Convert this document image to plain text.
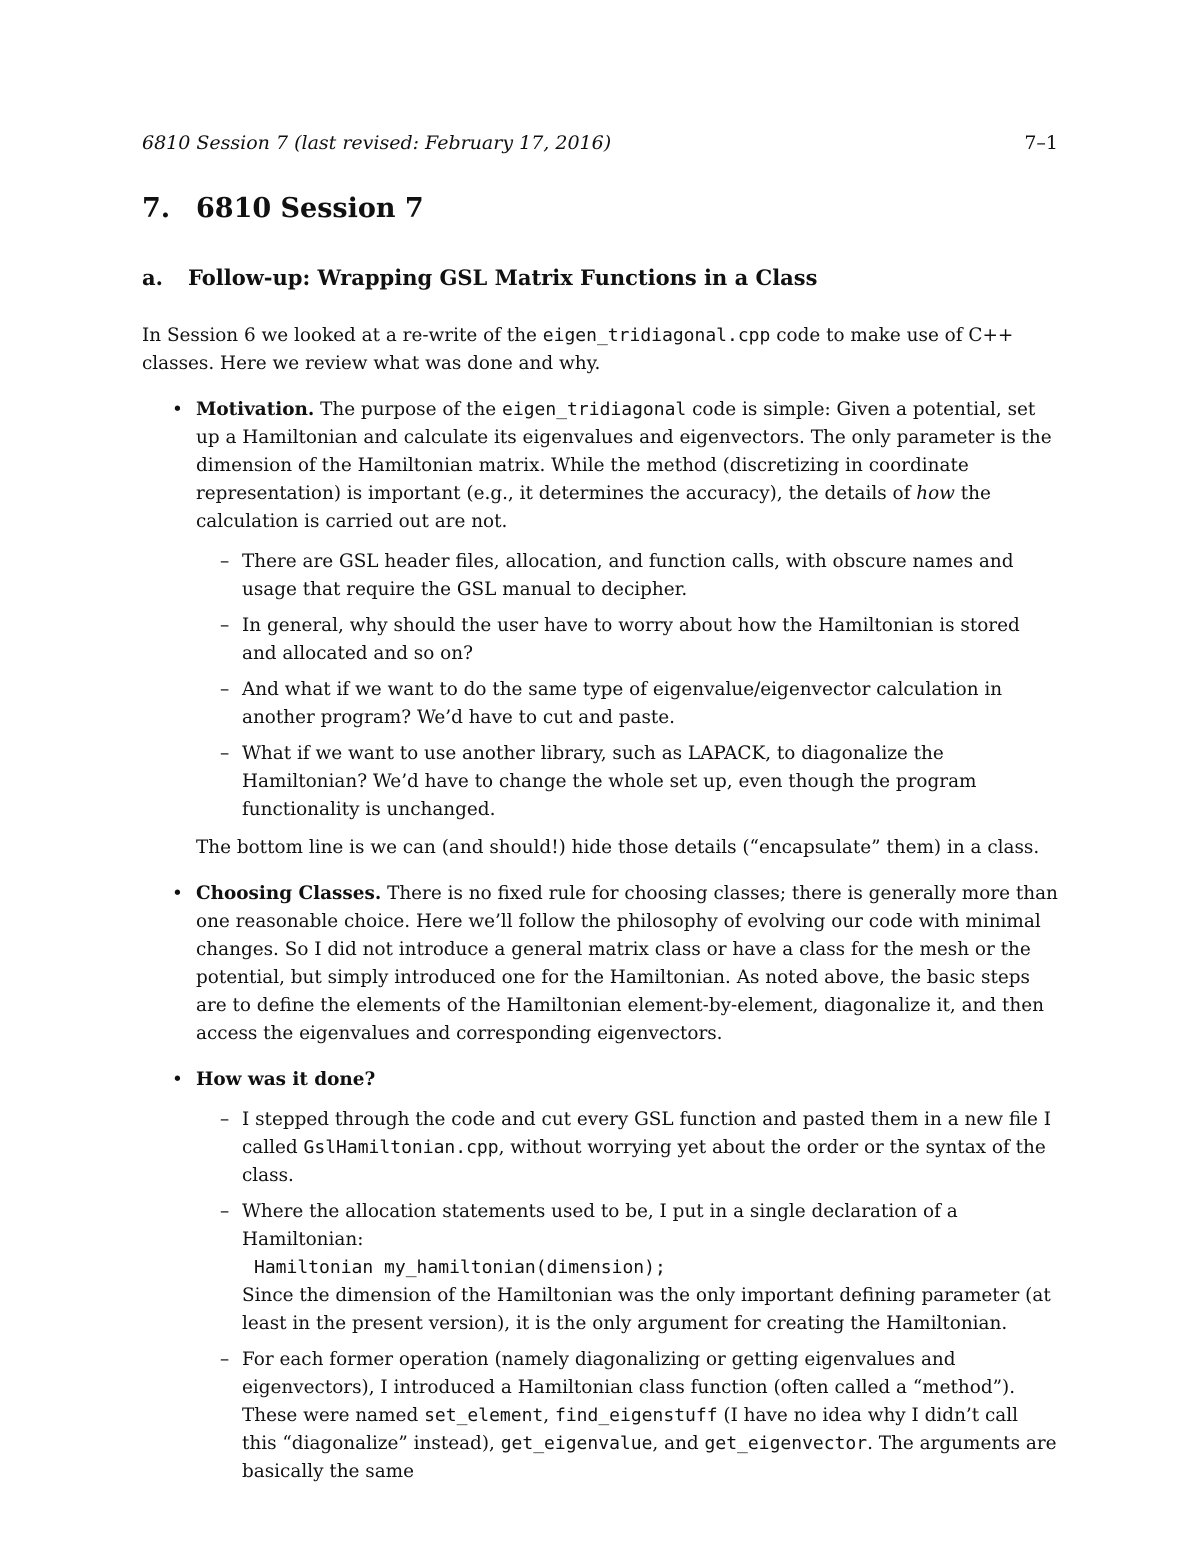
6810 Session 7 (last revised: February 17, 2016)	7–1
7. 6810 Session 7
a. Follow-up: Wrapping GSL Matrix Functions in a Class

In Session 6 we looked at a re-write of the eigen_tridiagonal.cpp code to make use of C++ classes. Here we review what was done and why.

• Motivation. The purpose of the eigen_tridiagonal code is simple: Given a potential, set up a Hamiltonian and calculate its eigenvalues and eigenvectors. The only parameter is the dimension of the Hamiltonian matrix. While the method (discretizing in coordinate representation) is important (e.g., it determines the accuracy), the details of how the calculation is carried out are not.

– There are GSL header files, allocation, and function calls, with obscure names and usage that require the GSL manual to decipher.
– In general, why should the user have to worry about how the Hamiltonian is stored and allocated and so on?
– And what if we want to do the same type of eigenvalue/eigenvector calculation in another program? We’d have to cut and paste.
– What if we want to use another library, such as LAPACK, to diagonalize the Hamiltonian? We’d have to change the whole set up, even though the program functionality is unchanged.

The bottom line is we can (and should!) hide those details (“encapsulate” them) in a class.

• Choosing Classes. There is no fixed rule for choosing classes; there is generally more than one reasonable choice. Here we’ll follow the philosophy of evolving our code with minimal changes. So I did not introduce a general matrix class or have a class for the mesh or the potential, but simply introduced one for the Hamiltonian. As noted above, the basic steps are to define the elements of the Hamiltonian element-by-element, diagonalize it, and then access the eigenvalues and corresponding eigenvectors.

• How was it done?

– I stepped through the code and cut every GSL function and pasted them in a new file I called GslHamiltonian.cpp, without worrying yet about the order or the syntax of the class.
– Where the allocation statements used to be, I put in a single declaration of a Hamiltonian:
Hamiltonian my_hamiltonian(dimension);
Since the dimension of the Hamiltonian was the only important defining parameter (at least in the present version), it is the only argument for creating the Hamiltonian.
– For each former operation (namely diagonalizing or getting eigenvalues and eigenvectors), I introduced a Hamiltonian class function (often called a “method”). These were named set_element, find_eigenstuff (I have no idea why I didn’t call this “diagonalize” instead), get_eigenvalue, and get_eigenvector. The arguments are basically the same
